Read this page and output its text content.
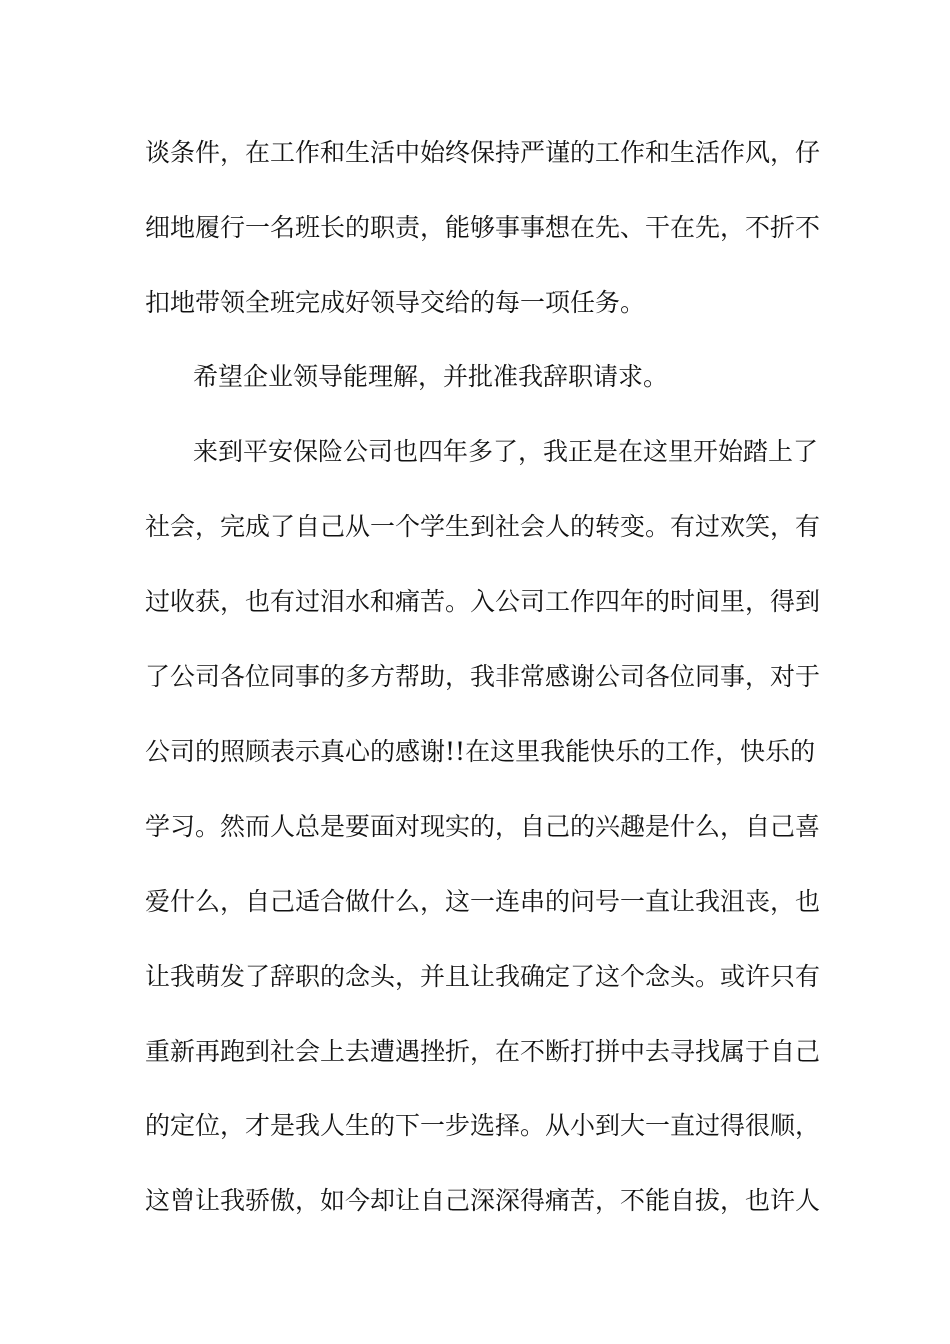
谈条件，在工作和生活中始终保持严谨的工作和生活作风，仔
细地履行一名班长的职责，能够事事想在先、干在先，不折不
扣地带领全班完成好领导交给的每一项任务。
希望企业领导能理解，并批准我辞职请求。
来到平安保险公司也四年多了，我正是在这里开始踏上了
社会，完成了自己从一个学生到社会人的转变。有过欢笑，有
过收获，也有过泪水和痛苦。入公司工作四年的时间里，得到
了公司各位同事的多方帮助，我非常感谢公司各位同事，对于
公司的照顾表示真心的感谢!!在这里我能快乐的工作，快乐的
学习。然而人总是要面对现实的，自己的兴趣是什么，自己喜
爱什么，自己适合做什么，这一连串的问号一直让我沮丧，也
让我萌发了辞职的念头，并且让我确定了这个念头。或许只有
重新再跑到社会上去遭遇挫折，在不断打拼中去寻找属于自己
的定位，才是我人生的下一步选择。从小到大一直过得很顺，
这曾让我骄傲，如今却让自己深深得痛苦，不能自拔，也许人
